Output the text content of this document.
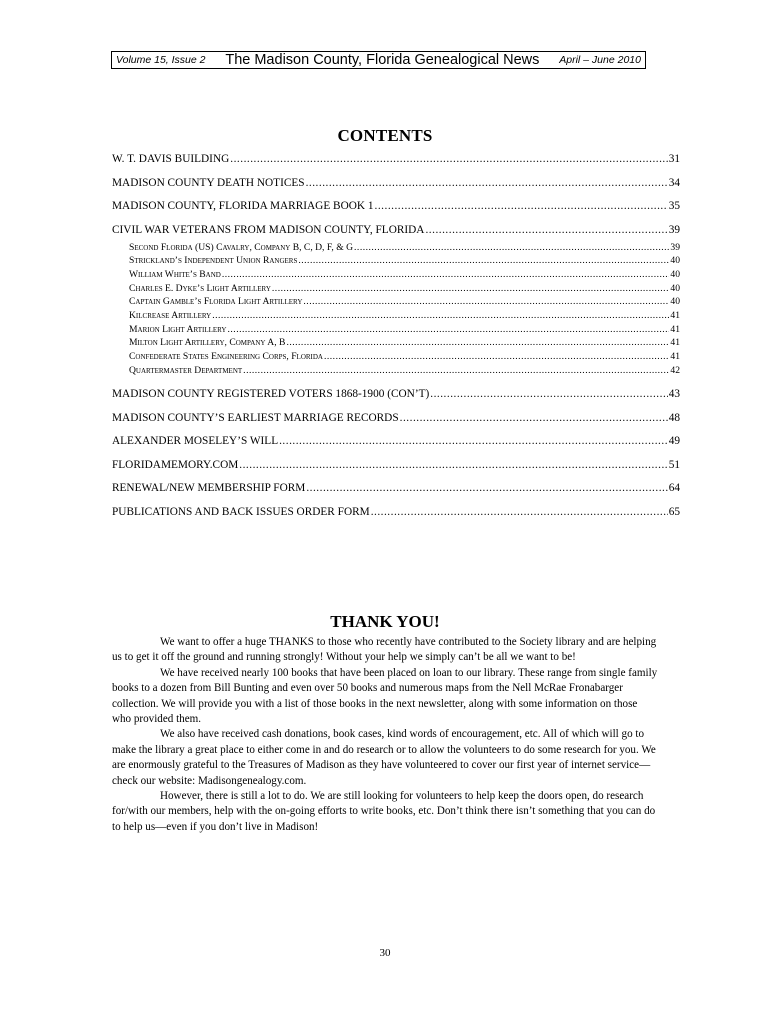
Volume 15, Issue 2 The Madison County, Florida Genealogical News April – June 2010
CONTENTS
W. T. DAVIS BUILDING .....	31
MADISON COUNTY DEATH NOTICES .....	34
MADISON COUNTY, FLORIDA MARRIAGE BOOK 1 .....	35
CIVIL WAR VETERANS FROM MADISON COUNTY, FLORIDA .....	39
Second Florida (US) Cavalry, Company B, C, D, F, & G .....	39
Strickland’s Independent Union Rangers .....	40
William White’s Band .....	40
Charles E. Dyke’s Light Artillery .....	40
Captain Gamble’s Florida Light Artillery .....	40
Kilcrease Artillery .....	41
Marion Light Artillery .....	41
Milton Light Artillery, Company A, B .....	41
Confederate States Engineering Corps, Florida .....	41
Quartermaster Department .....	42
MADISON COUNTY REGISTERED VOTERS 1868-1900 (CON’T) .....	43
MADISON COUNTY’S EARLIEST MARRIAGE RECORDS .....	48
ALEXANDER MOSELEY’S WILL .....	49
FLORIDAMEMORY.COM .....	51
RENEWAL/NEW MEMBERSHIP FORM .....	64
PUBLICATIONS AND BACK ISSUES ORDER FORM .....	65
THANK YOU!

We want to offer a huge THANKS to those who recently have contributed to the Society library and are helping us to get it off the ground and running strongly! Without your help we simply can’t be all we want to be!

We have received nearly 100 books that have been placed on loan to our library. These range from single family books to a dozen from Bill Bunting and even over 50 books and numerous maps from the Nell McRae Fronabarger collection. We will provide you with a list of those books in the next newsletter, along with some information on those who provided them.

We also have received cash donations, book cases, kind words of encouragement, etc. All of which will go to make the library a great place to either come in and do research or to allow the volunteers to do some research for you. We are enormously grateful to the Treasures of Madison as they have volunteered to cover our first year of internet service—check our website: Madisongenealogy.com.

However, there is still a lot to do. We are still looking for volunteers to help keep the doors open, do research for/with our members, help with the on-going efforts to write books, etc. Don’t think there isn’t something that you can do to help us—even if you don’t live in Madison!

30
